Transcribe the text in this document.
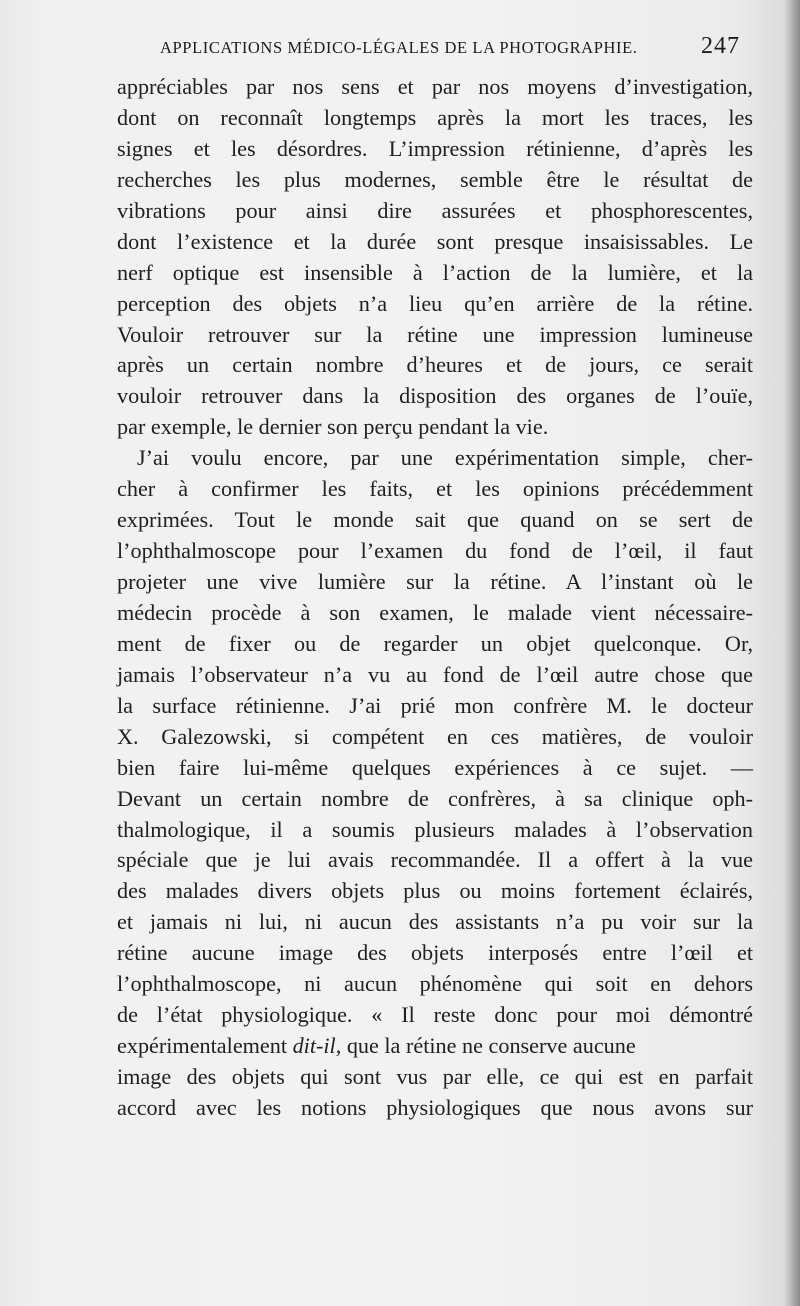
APPLICATIONS MÉDICO-LÉGALES DE LA PHOTOGRAPHIE.	247
appréciables par nos sens et par nos moyens d’investigation,
dont on reconnaît longtemps après la mort les traces, les
signes et les désordres. L’impression rétinienne, d’après les
recherches les plus modernes, semble être le résultat de
vibrations pour ainsi dire assurées et phosphorescentes,
dont l’existence et la durée sont presque insaisissables. Le
nerf optique est insensible à l’action de la lumière, et la
perception des objets n’a lieu qu’en arrière de la rétine.
Vouloir retrouver sur la rétine une impression lumineuse
après un certain nombre d’heures et de jours, ce serait
vouloir retrouver dans la disposition des organes de l’ouïe,
par exemple, le dernier son perçu pendant la vie.
J’ai voulu encore, par une expérimentation simple, cher-
cher à confirmer les faits, et les opinions précédemment
exprimées. Tout le monde sait que quand on se sert de
l’ophthalmoscope pour l’examen du fond de l’œil, il faut
projeter une vive lumière sur la rétine. A l’instant où le
médecin procède à son examen, le malade vient nécessaire-
ment de fixer ou de regarder un objet quelconque. Or,
jamais l’observateur n’a vu au fond de l’œil autre chose que
la surface rétinienne. J’ai prié mon confrère M. le docteur
X. Galezowski, si compétent en ces matières, de vouloir
bien faire lui-même quelques expériences à ce sujet. —
Devant un certain nombre de confrères, à sa clinique oph-
thalmologique, il a soumis plusieurs malades à l’observation
spéciale que je lui avais recommandée. Il a offert à la vue
des malades divers objets plus ou moins fortement éclairés,
et jamais ni lui, ni aucun des assistants n’a pu voir sur la
rétine aucune image des objets interposés entre l’œil et
l’ophthalmoscope, ni aucun phénomène qui soit en dehors
de l’état physiologique. « Il reste donc pour moi démontré
expérimentalement dit-il, que la rétine ne conserve aucune
image des objets qui sont vus par elle, ce qui est en parfait
accord avec les notions physiologiques que nous avons sur
